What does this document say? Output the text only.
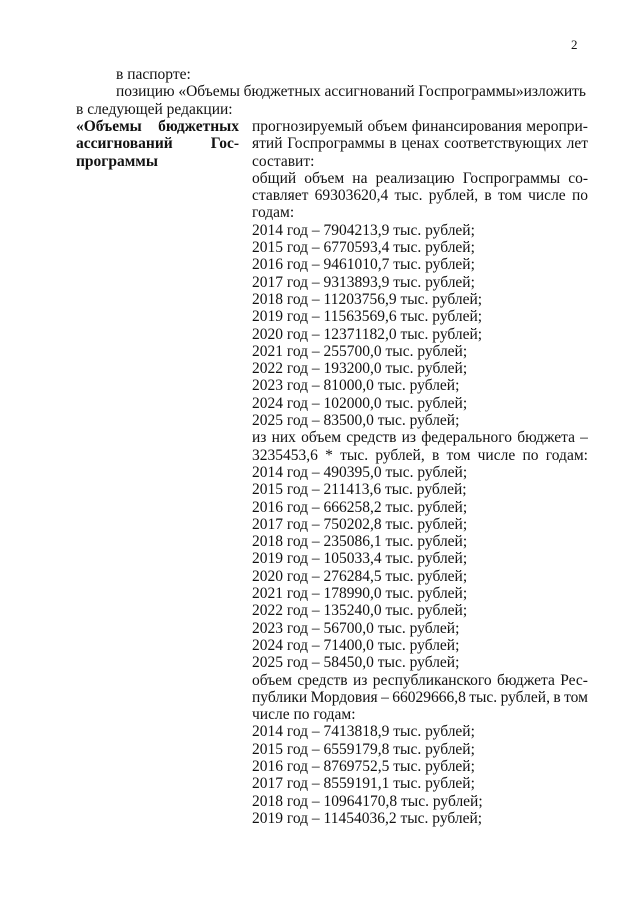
2
в паспорте:
позицию «Объемы бюджетных ассигнований Госпрограммы»изложить
в следующей редакции:
«Объемы бюджетных
ассигнований Гос-
программы
прогнозируемый объем финансирования меропри-
ятий Госпрограммы в ценах соответствующих лет
составит:
общий объем на реализацию Госпрограммы со-
ставляет 69303620,4 тыс. рублей, в том числе по
годам:
2014 год – 7904213,9 тыс. рублей;
2015 год – 6770593,4 тыс. рублей;
2016 год – 9461010,7 тыс. рублей;
2017 год – 9313893,9 тыс. рублей;
2018 год – 11203756,9 тыс. рублей;
2019 год – 11563569,6 тыс. рублей;
2020 год – 12371182,0 тыс. рублей;
2021 год – 255700,0 тыс. рублей;
2022 год – 193200,0 тыс. рублей;
2023 год – 81000,0 тыс. рублей;
2024 год – 102000,0 тыс. рублей;
2025 год – 83500,0 тыс. рублей;
из них объем средств из федерального бюджета –
3235453,6 * тыс. рублей, в том числе по годам:
2014 год – 490395,0 тыс. рублей;
2015 год – 211413,6 тыс. рублей;
2016 год – 666258,2 тыс. рублей;
2017 год – 750202,8 тыс. рублей;
2018 год – 235086,1 тыс. рублей;
2019 год – 105033,4 тыс. рублей;
2020 год – 276284,5 тыс. рублей;
2021 год – 178990,0 тыс. рублей;
2022 год – 135240,0 тыс. рублей;
2023 год – 56700,0 тыс. рублей;
2024 год – 71400,0 тыс. рублей;
2025 год – 58450,0 тыс. рублей;
объем средств из республиканского бюджета Рес-
публики Мордовия – 66029666,8 тыс. рублей, в том
числе по годам:
2014 год – 7413818,9 тыс. рублей;
2015 год – 6559179,8 тыс. рублей;
2016 год – 8769752,5 тыс. рублей;
2017 год – 8559191,1 тыс. рублей;
2018 год – 10964170,8 тыс. рублей;
2019 год – 11454036,2 тыс. рублей;
